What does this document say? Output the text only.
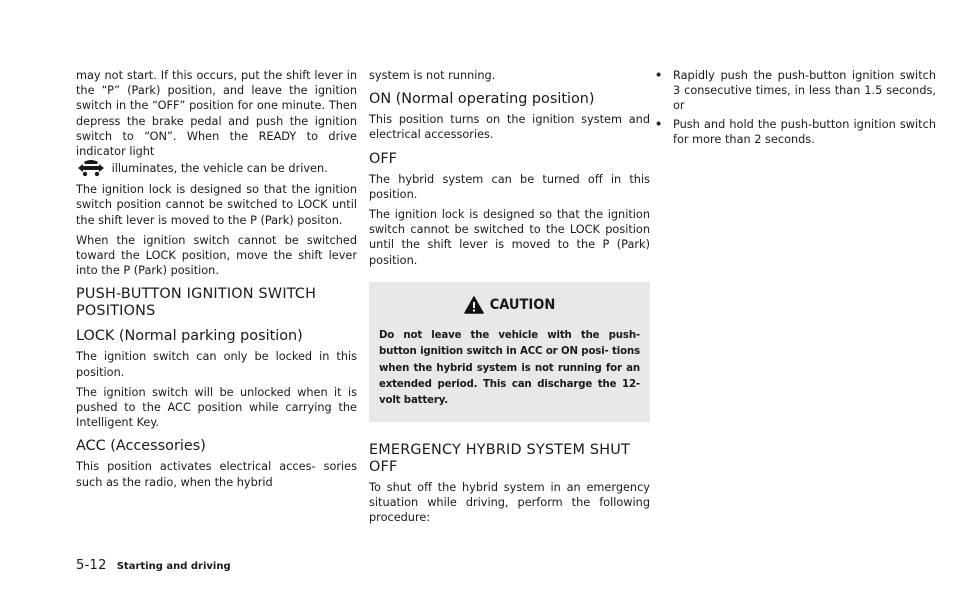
may not start. If this occurs, put the shift lever in the “P” (Park) position, and leave the ignition switch in the “OFF” position for one minute. Then depress the brake pedal and push the ignition switch to “ON”. When the READY to drive indicator light
illuminates, the vehicle can be driven.

The ignition lock is designed so that the ignition switch position cannot be switched to LOCK until the shift lever is moved to the P (Park) positon.

When the ignition switch cannot be switched toward the LOCK position, move the shift lever into the P (Park) position.

PUSH-BUTTON IGNITION SWITCH POSITIONS
LOCK (Normal parking position)

The ignition switch can only be locked in this position.

The ignition switch will be unlocked when it is pushed to the ACC position while carrying the Intelligent Key.

ACC (Accessories)

This position activates electrical acces- sories such as the radio, when the hybrid

system is not running.

ON (Normal operating position)

This position turns on the ignition system and electrical accessories.

OFF

The hybrid system can be turned off in this position.

The ignition lock is designed so that the ignition switch cannot be switched to the LOCK position until the shift lever is moved to the P (Park) position.

CAUTION

Do not leave the vehicle with the push- button ignition switch in ACC or ON posi- tions when the hybrid system is not running for an extended period. This can discharge the 12-volt battery.

EMERGENCY HYBRID SYSTEM SHUT OFF

To shut off the hybrid system in an emergency situation while driving, perform the following procedure:

• Rapidly push the push-button ignition switch 3 consecutive times, in less than 1.5 seconds, or
• Push and hold the push-button ignition switch for more than 2 seconds.
5-12 Starting and driving
